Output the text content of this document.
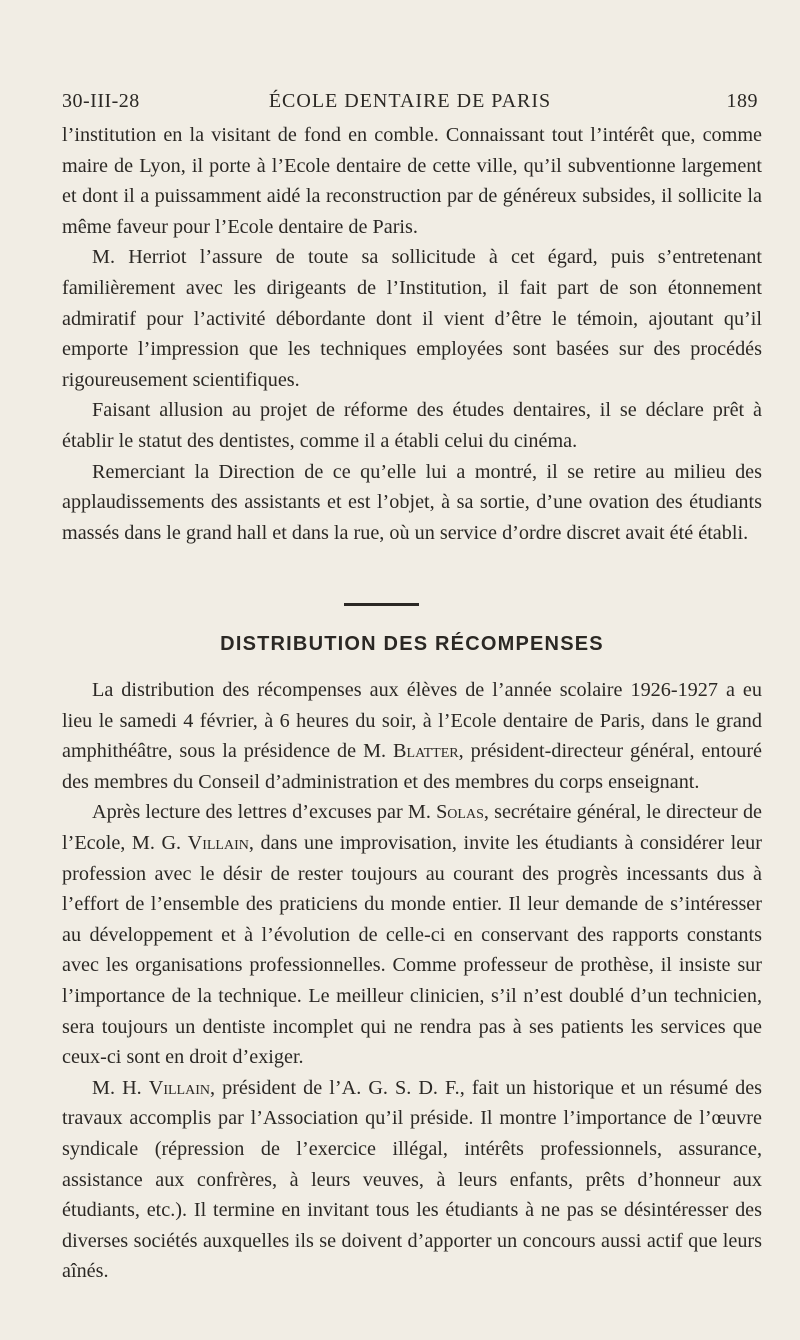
30-III-28	ÉCOLE DENTAIRE DE PARIS	189

l’institution en la visitant de fond en comble. Connaissant tout l’intérêt que, comme maire de Lyon, il porte à l’Ecole dentaire de cette ville, qu’il subventionne largement et dont il a puissamment aidé la reconstruction par de généreux subsides, il sollicite la même faveur pour l’Ecole dentaire de Paris.

M. Herriot l’assure de toute sa sollicitude à cet égard, puis s’entretenant familièrement avec les dirigeants de l’Institution, il fait part de son étonnement admiratif pour l’activité débordante dont il vient d’être le témoin, ajoutant qu’il emporte l’impression que les techniques employées sont basées sur des procédés rigoureusement scientifiques.

Faisant allusion au projet de réforme des études dentaires, il se déclare prêt à établir le statut des dentistes, comme il a établi celui du cinéma.

Remerciant la Direction de ce qu’elle lui a montré, il se retire au milieu des applaudissements des assistants et est l’objet, à sa sortie, d’une ovation des étudiants massés dans le grand hall et dans la rue, où un service d’ordre discret avait été établi.

DISTRIBUTION DES RÉCOMPENSES

La distribution des récompenses aux élèves de l’année scolaire 1926-1927 a eu lieu le samedi 4 février, à 6 heures du soir, à l’Ecole dentaire de Paris, dans le grand amphithéâtre, sous la présidence de M. Blatter, président-directeur général, entouré des membres du Conseil d’administration et des membres du corps enseignant.

Après lecture des lettres d’excuses par M. Solas, secrétaire général, le directeur de l’Ecole, M. G. Villain, dans une improvisation, invite les étudiants à considérer leur profession avec le désir de rester toujours au courant des progrès incessants dus à l’effort de l’ensemble des praticiens du monde entier. Il leur demande de s’intéresser au développement et à l’évolution de celle-ci en conservant des rapports constants avec les organisations professionnelles. Comme professeur de prothèse, il insiste sur l’importance de la technique. Le meilleur clinicien, s’il n’est doublé d’un technicien, sera toujours un dentiste incomplet qui ne rendra pas à ses patients les services que ceux-ci sont en droit d’exiger.

M. H. Villain, président de l’A. G. S. D. F., fait un historique et un résumé des travaux accomplis par l’Association qu’il préside. Il montre l’importance de l’œuvre syndicale (répression de l’exercice illégal, intérêts professionnels, assurance, assistance aux confrères, à leurs veuves, à leurs enfants, prêts d’honneur aux étudiants, etc.). Il termine en invitant tous les étudiants à ne pas se désintéresser des diverses sociétés auxquelles ils se doivent d’apporter un concours aussi actif que leurs aînés.
